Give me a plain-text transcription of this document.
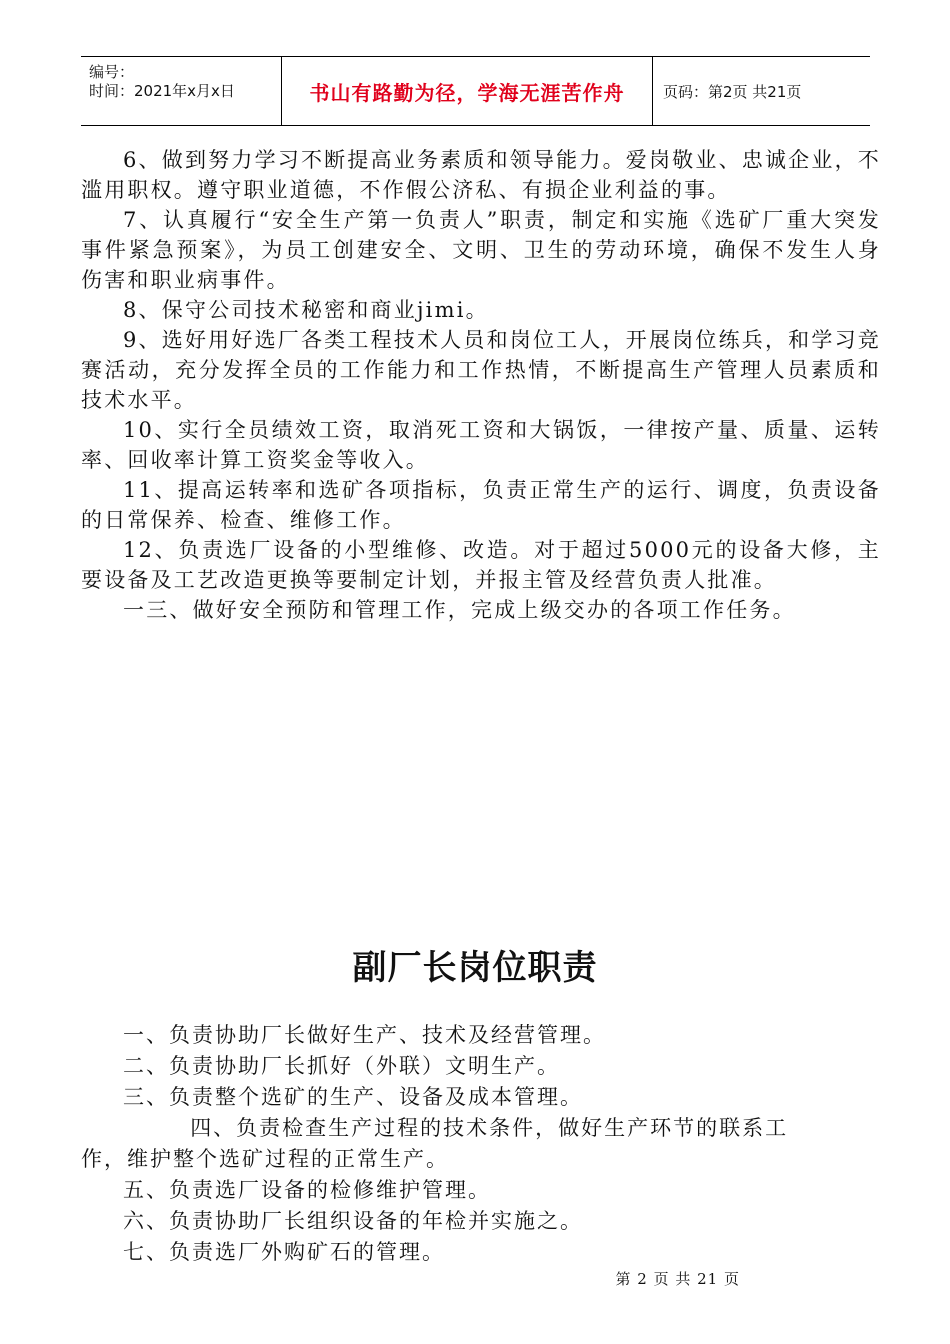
编号：
时间：2021年x月x日	书山有路勤为径，学海无涯苦作舟	页码：第2页 共21页

6、做到努力学习不断提高业务素质和领导能力。爱岗敬业、忠诚企业，不滥用职权。遵守职业道德，不作假公济私、有损企业利益的事。

7、认真履行“安全生产第一负责人”职责，制定和实施《选矿厂重大突发事件紧急预案》，为员工创建安全、文明、卫生的劳动环境，确保不发生人身伤害和职业病事件。

8、保守公司技术秘密和商业jimi。

9、选好用好选厂各类工程技术人员和岗位工人，开展岗位练兵，和学习竞赛活动，充分发挥全员的工作能力和工作热情，不断提高生产管理人员素质和技术水平。

10、实行全员绩效工资，取消死工资和大锅饭，一律按产量、质量、运转率、回收率计算工资奖金等收入。

11、提高运转率和选矿各项指标，负责正常生产的运行、调度，负责设备的日常保养、检查、维修工作。

12、负责选厂设备的小型维修、改造。对于超过5000元的设备大修，主要设备及工艺改造更换等要制定计划，并报主管及经营负责人批准。

一三、做好安全预防和管理工作，完成上级交办的各项工作任务。

副厂长岗位职责

一、负责协助厂长做好生产、技术及经营管理。

二、负责协助厂长抓好（外联）文明生产。

三、负责整个选矿的生产、设备及成本管理。

四、负责检查生产过程的技术条件，做好生产环节的联系工作，维护整个选矿过程的正常生产。

五、负责选厂设备的检修维护管理。

六、负责协助厂长组织设备的年检并实施之。

七、负责选厂外购矿石的管理。

第 2 页 共 21 页
